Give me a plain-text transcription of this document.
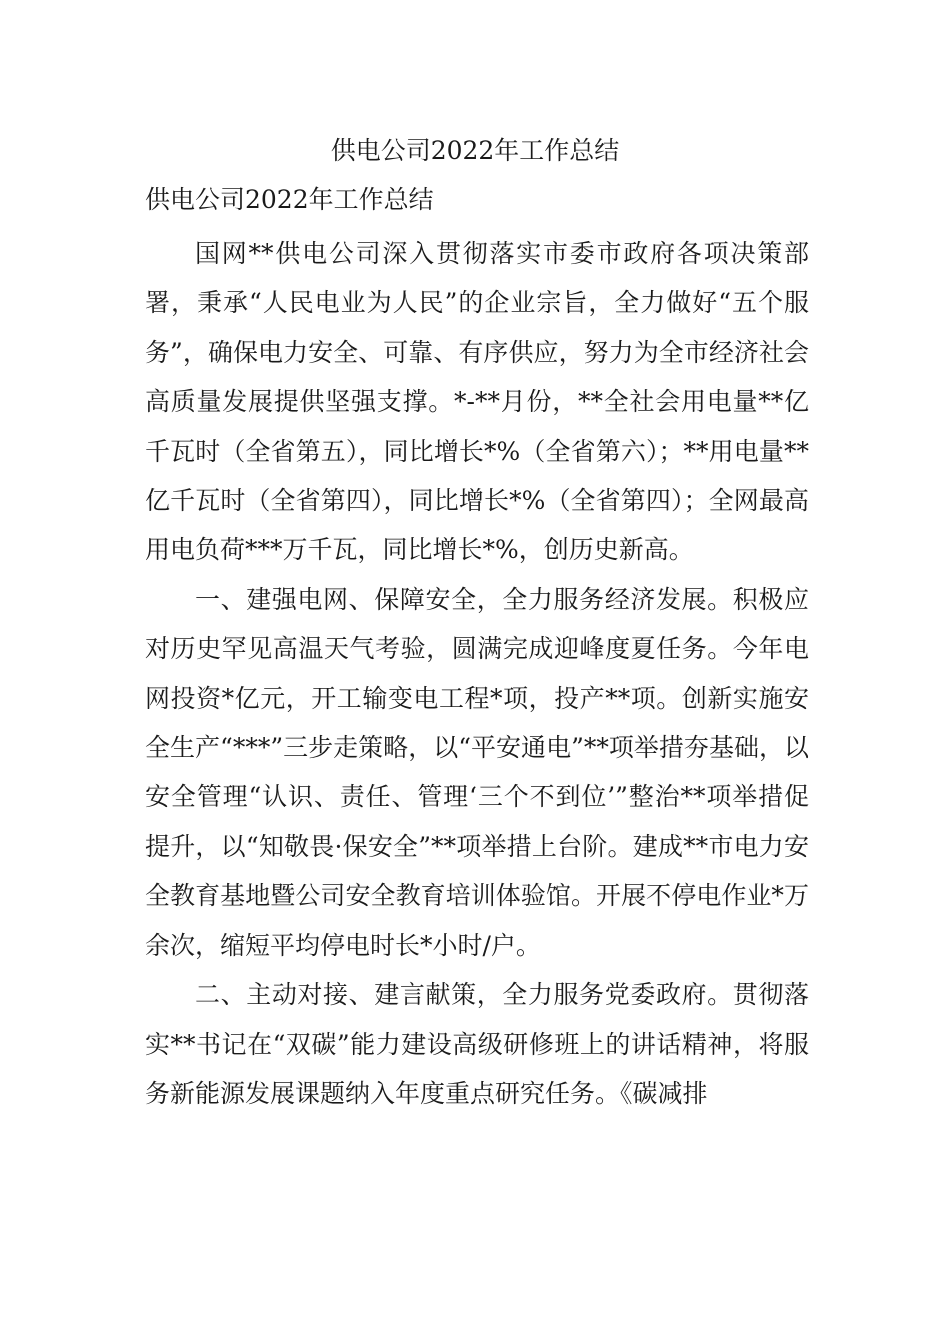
供电公司2022年工作总结

供电公司2022年工作总结

国网**供电公司深入贯彻落实市委市政府各项决策部署，秉承“人民电业为人民”的企业宗旨，全力做好“五个服务”，确保电力安全、可靠、有序供应，努力为全市经济社会高质量发展提供坚强支撑。*-**月份，**全社会用电量**亿千瓦时（全省第五），同比增长*%（全省第六）；**用电量**亿千瓦时（全省第四），同比增长*%（全省第四）；全网最高用电负荷***万千瓦，同比增长*%，创历史新高。

一、建强电网、保障安全，全力服务经济发展。积极应对历史罕见高温天气考验，圆满完成迎峰度夏任务。今年电网投资*亿元，开工输变电工程*项，投产**项。创新实施安全生产“***”三步走策略，以“平安通电”**项举措夯基础，以安全管理“认识、责任、管理‘三个不到位’”整治**项举措促提升，以“知敬畏·保安全”**项举措上台阶。建成**市电力安全教育基地暨公司安全教育培训体验馆。开展不停电作业*万余次，缩短平均停电时长*小时/户。

二、主动对接、建言献策，全力服务党委政府。贯彻落实**书记在“双碳”能力建设高级研修班上的讲话精神，将服务新能源发展课题纳入年度重点研究任务。《碳减排
